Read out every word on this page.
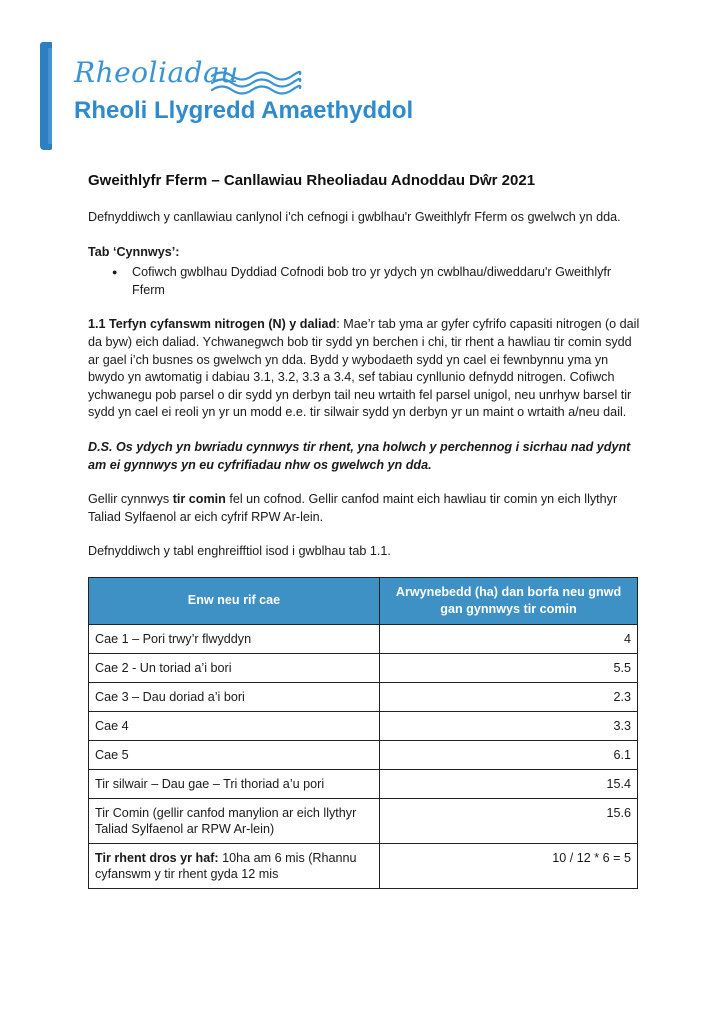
Rheoliadau
Rheoli Llygredd Amaethyddol
Gweithlyfr Fferm – Canllawiau Rheoliadau Adnoddau Dŵr 2021

Defnyddiwch y canllawiau canlynol i'ch cefnogi i gwblhau'r Gweithlyfr Fferm os gwelwch yn dda.

Tab ‘Cynnwys’:

● Cofiwch gwblhau Dyddiad Cofnodi bob tro yr ydych yn cwblhau/diweddaru'r Gweithlyfr Fferm

1.1 Terfyn cyfanswm nitrogen (N) y daliad: Mae’r tab yma ar gyfer cyfrifo capasiti nitrogen (o dail da byw) eich daliad. Ychwanegwch bob tir sydd yn berchen i chi, tir rhent a hawliau tir comin sydd ar gael i’ch busnes os gwelwch yn dda. Bydd y wybodaeth sydd yn cael ei fewnbynnu yma yn bwydo yn awtomatig i dabiau 3.1, 3.2, 3.3 a 3.4, sef tabiau cynllunio defnydd nitrogen. Cofiwch ychwanegu pob parsel o dir sydd yn derbyn tail neu wrtaith fel parsel unigol, neu unrhyw barsel tir sydd yn cael ei reoli yn yr un modd e.e. tir silwair sydd yn derbyn yr un maint o wrtaith a/neu dail.

D.S. Os ydych yn bwriadu cynnwys tir rhent, yna holwch y perchennog i sicrhau nad ydynt am ei gynnwys yn eu cyfrifiadau nhw os gwelwch yn dda.

Gellir cynnwys tir comin fel un cofnod. Gellir canfod maint eich hawliau tir comin yn eich llythyr Taliad Sylfaenol ar eich cyfrif RPW Ar-lein.

Defnyddiwch y tabl enghreifftiol isod i gwblhau tab 1.1.

Enw neu rif cae	Arwynebedd (ha) dan borfa neu gnwd gan gynnwys tir comin
Cae 1 – Pori trwy’r flwyddyn	4
Cae 2 - Un toriad a’i bori	5.5
Cae 3 – Dau doriad a’i bori	2.3
Cae 4	3.3
Cae 5	6.1
Tir silwair – Dau gae – Tri thoriad a’u pori	15.4
Tir Comin (gellir canfod manylion ar eich llythyr Taliad Sylfaenol ar RPW Ar-lein)	15.6
Tir rhent dros yr haf: 10ha am 6 mis (Rhannu cyfanswm y tir rhent gyda 12 mis	10 / 12 * 6 = 5
